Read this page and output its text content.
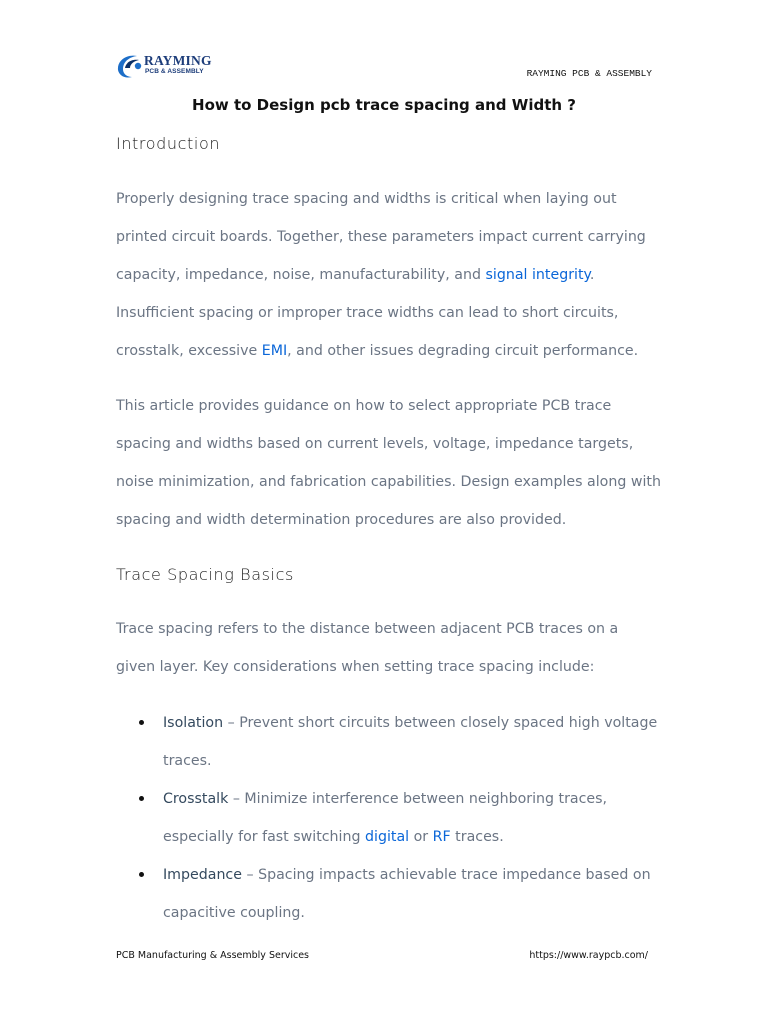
RAYMING
PCB & ASSEMBLY	RAYMING PCB & ASSEMBLY
How to Design pcb trace spacing and Width ?
Introduction
Properly designing trace spacing and widths is critical when laying out printed circuit boards. Together, these parameters impact current carrying capacity, impedance, noise, manufacturability, and signal integrity. Insufficient spacing or improper trace widths can lead to short circuits, crosstalk, excessive EMI, and other issues degrading circuit performance.
This article provides guidance on how to select appropriate PCB trace spacing and widths based on current levels, voltage, impedance targets, noise minimization, and fabrication capabilities. Design examples along with spacing and width determination procedures are also provided.
Trace Spacing Basics
Trace spacing refers to the distance between adjacent PCB traces on a given layer. Key considerations when setting trace spacing include:
Isolation – Prevent short circuits between closely spaced high voltage traces.
Crosstalk – Minimize interference between neighboring traces, especially for fast switching digital or RF traces.
Impedance – Spacing impacts achievable trace impedance based on capacitive coupling.
PCB Manufacturing & Assembly Services	https://www.raypcb.com/
